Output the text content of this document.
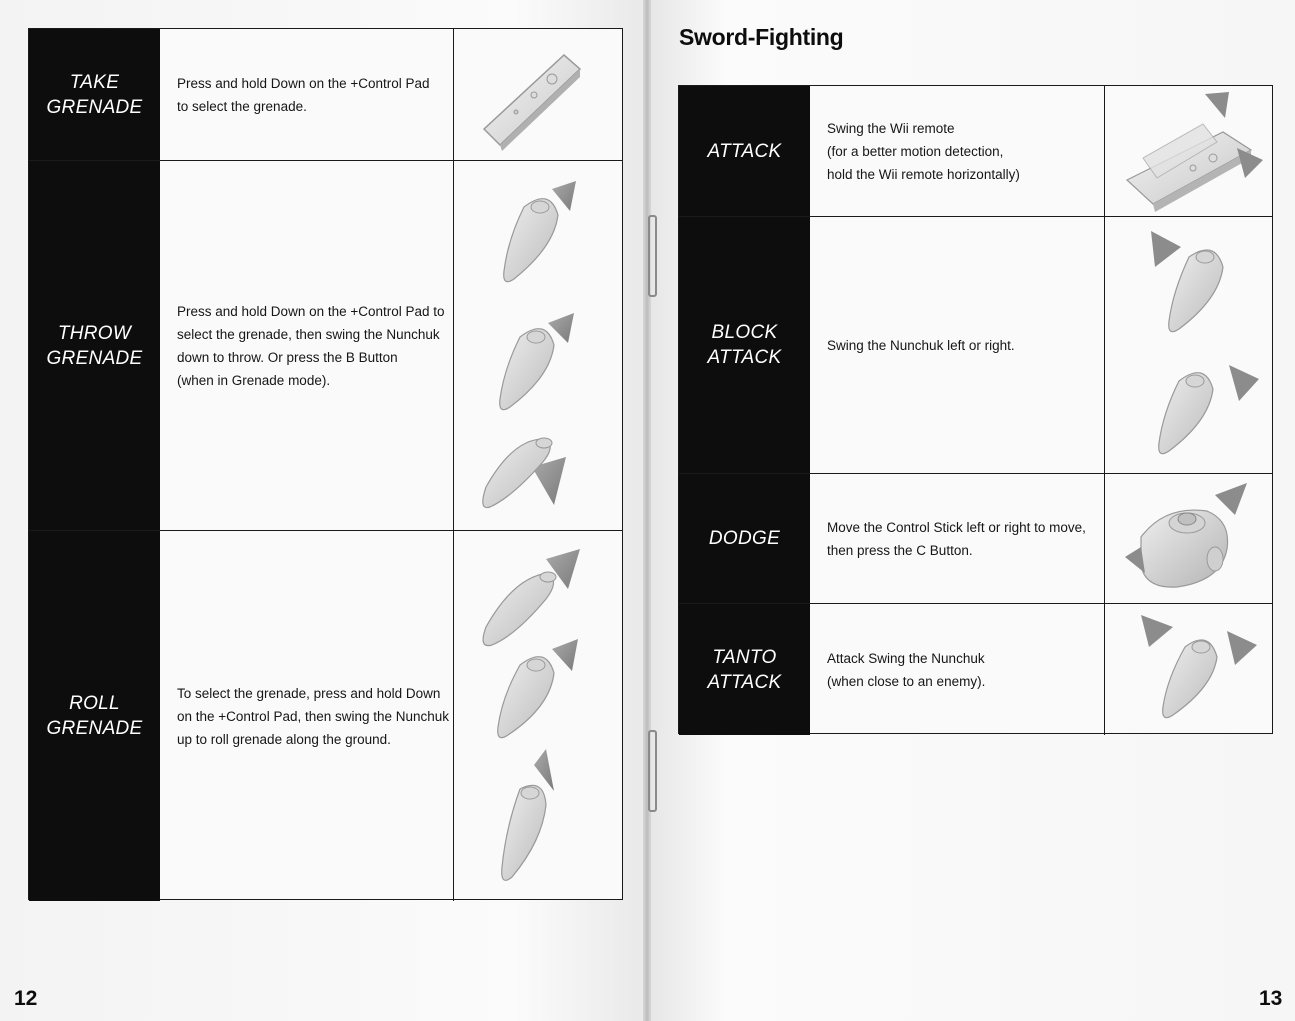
TAKE
GRENADE
Press and hold Down on the +Control Pad
to select the grenade.
THROW
GRENADE
Press and hold Down on the +Control Pad to
select the grenade, then swing the Nunchuk
down to throw. Or press the B Button
(when in Grenade mode).
ROLL
GRENADE
To select the grenade, press and hold Down
on the +Control Pad, then swing the Nunchuk
up to roll grenade along the ground.
Sword-Fighting
ATTACK
Swing the Wii remote
(for a better motion detection,
hold the Wii remote horizontally)
BLOCK
ATTACK
Swing the Nunchuk left or right.
DODGE
Move the Control Stick left or right to move,
then press the C Button.
TANTO
ATTACK
Attack Swing the Nunchuk
(when close to an enemy).
12	13
